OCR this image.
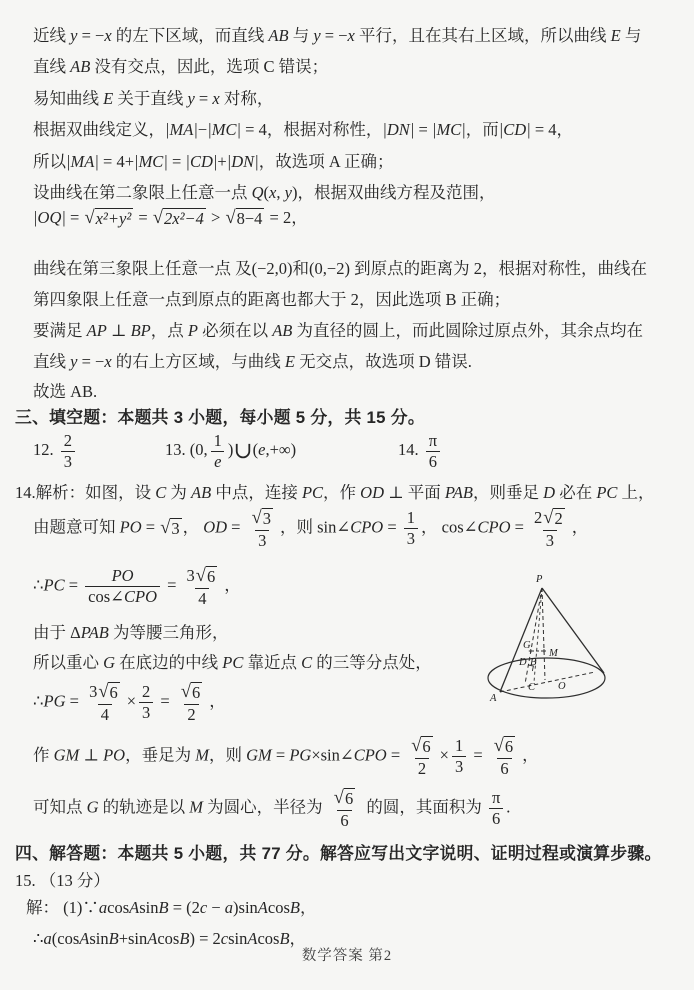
近线 y = −x 的左下区域，而直线 AB 与 y = −x 平行，且在其右上区域，所以曲线 E 与
直线 AB 没有交点，因此，选项 C 错误；
易知曲线 E 关于直线 y = x 对称，
根据双曲线定义，|MA|−|MC| = 4，根据对称性，|DN| = |MC|，而|CD| = 4，
所以|MA| = 4+|MC| = |CD|+|DN|，故选项 A 正确；
设曲线在第二象限上任意一点 Q(x, y)，根据双曲线方程及范围，
|OQ| = √ x²+y² = √ 2x²−4 > √ 8−4 = 2，
曲线在第三象限上任意一点 及(−2,0)和(0,−2) 到原点的距离为 2，根据对称性，曲线在
第四象限上任意一点到原点的距离也都大于 2，因此选项 B 正确；
要满足 AP ⊥ BP，点 P 必须在以 AB 为直径的圆上，而此圆除过原点外，其余点均在
直线 y = −x 的右上方区域，与曲线 E 无交点，故选项 D 错误.
故选 AB.
三、填空题：本题共 3 小题，每小题 5 分，共 15 分。
12. $\frac{2}{3}$	13. (0, $\frac{1}{e}$ )∪(e,+∞)	14. $\frac{\pi}{6}$
14.解析：如图，设 C 为 AB 中点，连接 PC，作 OD ⊥ 平面 PAB，则垂足 D 必在 PC 上，
由题意可知 PO = √ 3 ， OD = $\frac{√ 3}{3}$ ，则 sin∠CPO = $\frac{1}{3}$ ， cos∠CPO = $\frac{2 √ 2}{3}$ ，
∴PC = $\frac{PO}{\text{cos∠CPO}} = \frac{3 √ 6}{4}$ ，
由于 ΔPAB 为等腰三角形，
所以重心 G 在底边的中线 PC 靠近点 C 的三等分点处，
∴PG = $\frac{3 √ 6}{4} \times \frac{2}{3} = \frac{√ 6}{2}$ ，
作 GM ⊥ PO，垂足为 M，则 GM = PG×sin∠CPO = $\frac{√ 6}{2} \times \frac{1}{3} = \frac{√ 6}{6}$ ，
可知点 G 的轨迹是以 M 为圆心，半径为 $\frac{√ 6}{6}$ 的圆，其面积为 $\frac{\pi}{6}$ .
四、解答题：本题共 5 小题，共 77 分。解答应写出文字说明、证明过程或演算步骤。
15. （13 分）
解： (1)∵acosAsinB = (2c − a)sinAcosB，
∴a(cosAsinB+sinAcosB) = 2csinAcosB，
P
G
M
D B
A
C O
数学答案 第2
